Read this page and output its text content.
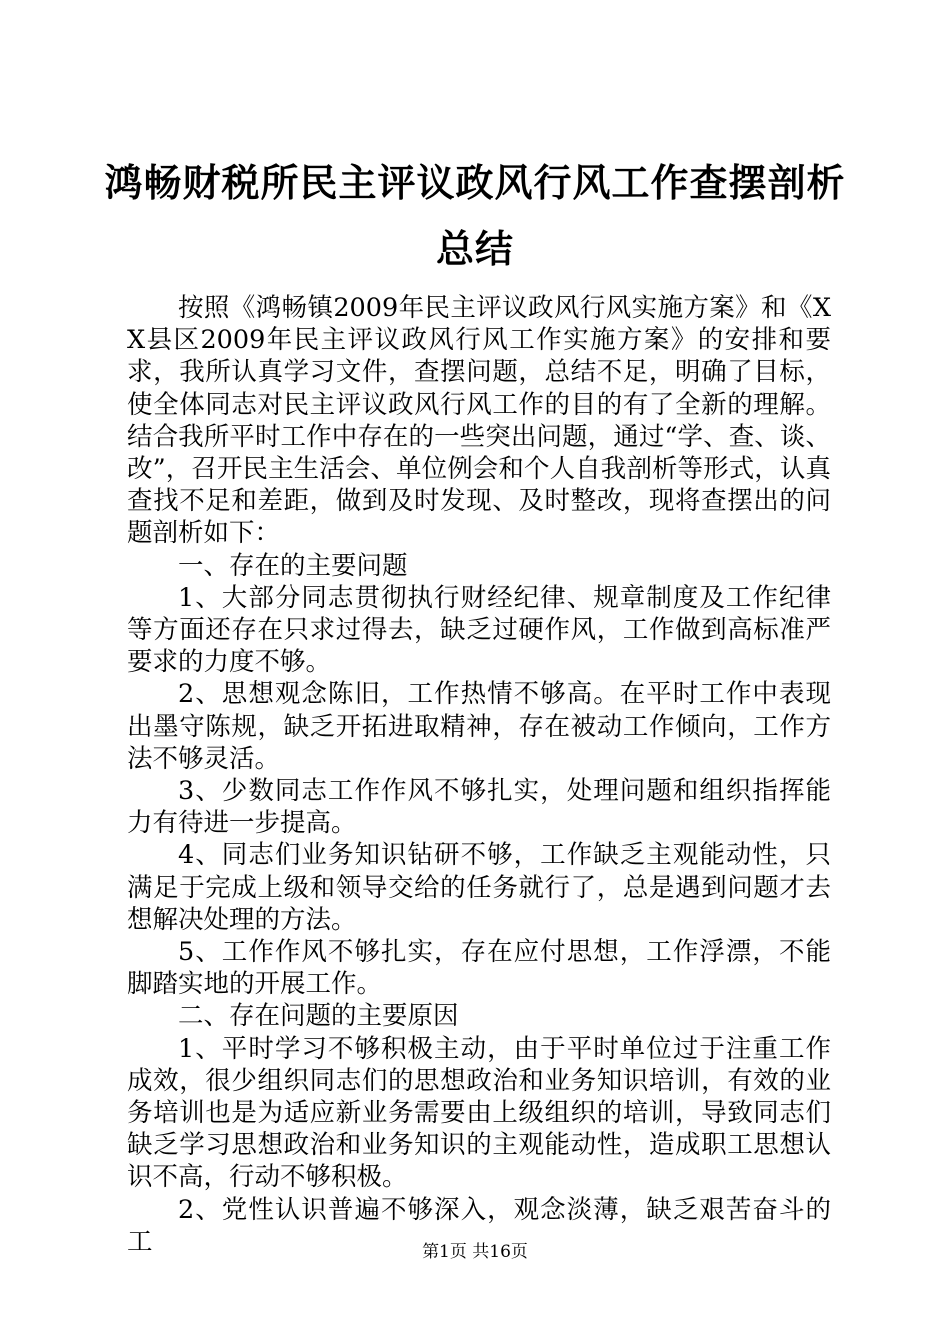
鸿畅财税所民主评议政风行风工作查摆剖析总结

按照《鸿畅镇2009年民主评议政风行风实施方案》和《XX县区2009年民主评议政风行风工作实施方案》的安排和要求，我所认真学习文件，查摆问题，总结不足，明确了目标，使全体同志对民主评议政风行风工作的目的有了全新的理解。结合我所平时工作中存在的一些突出问题，通过“学、查、谈、改”，召开民主生活会、单位例会和个人自我剖析等形式，认真查找不足和差距，做到及时发现、及时整改，现将查摆出的问题剖析如下：

一、存在的主要问题

1、大部分同志贯彻执行财经纪律、规章制度及工作纪律等方面还存在只求过得去，缺乏过硬作风，工作做到高标准严要求的力度不够。

2、思想观念陈旧，工作热情不够高。在平时工作中表现出墨守陈规，缺乏开拓进取精神，存在被动工作倾向，工作方法不够灵活。

3、少数同志工作作风不够扎实，处理问题和组织指挥能力有待进一步提高。

4、同志们业务知识钻研不够，工作缺乏主观能动性，只满足于完成上级和领导交给的任务就行了，总是遇到问题才去想解决处理的方法。

5、工作作风不够扎实，存在应付思想，工作浮漂，不能脚踏实地的开展工作。

二、存在问题的主要原因

1、平时学习不够积极主动，由于平时单位过于注重工作成效，很少组织同志们的思想政治和业务知识培训，有效的业务培训也是为适应新业务需要由上级组织的培训，导致同志们缺乏学习思想政治和业务知识的主观能动性，造成职工思想认识不高，行动不够积极。

2、党性认识普遍不够深入，观念淡薄，缺乏艰苦奋斗的工	第1页 共16页
